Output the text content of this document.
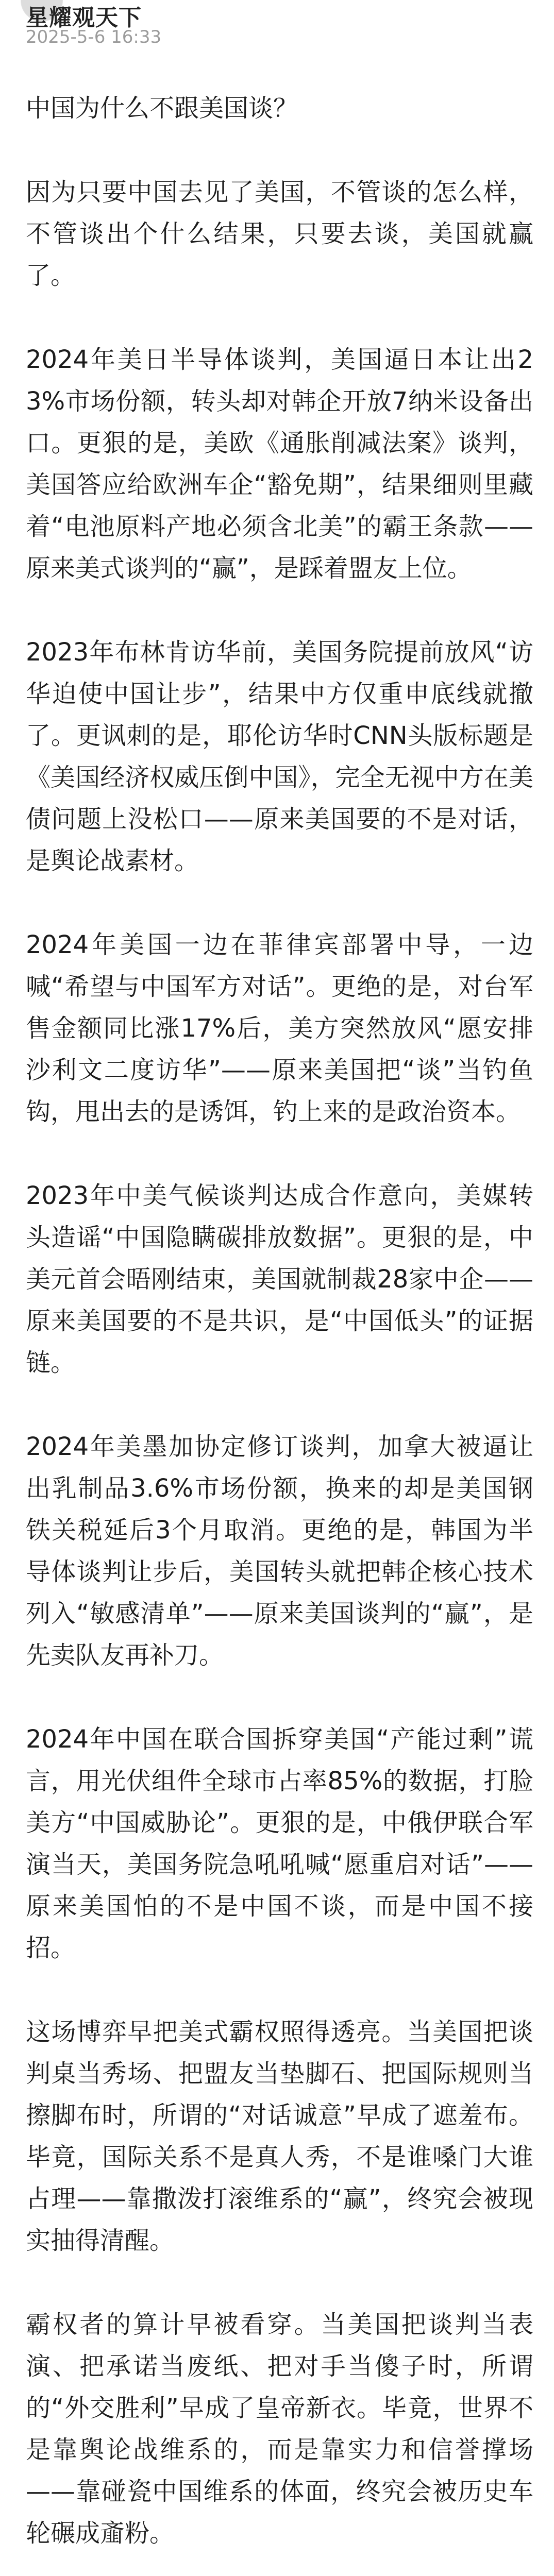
星耀观天下
2025-5-6 16:33

中国为什么不跟美国谈？

因为只要中国去见了美国，不管谈的怎么样，不管谈出个什么结果，只要去谈，美国就赢了。

2024年美日半导体谈判，美国逼日本让出23%市场份额，转头却对韩企开放7纳米设备出口。更狠的是，美欧《通胀削减法案》谈判，美国答应给欧洲车企“豁免期”，结果细则里藏着“电池原料产地必须含北美”的霸王条款——原来美式谈判的“赢”，是踩着盟友上位。

2023年布林肯访华前，美国务院提前放风“访华迫使中国让步”，结果中方仅重申底线就撤了。更讽刺的是，耶伦访华时CNN头版标题是《美国经济权威压倒中国》，完全无视中方在美债问题上没松口——原来美国要的不是对话，是舆论战素材。

2024年美国一边在菲律宾部署中导，一边喊“希望与中国军方对话”。更绝的是，对台军售金额同比涨17%后，美方突然放风“愿安排沙利文二度访华”——原来美国把“谈”当钓鱼钩，甩出去的是诱饵，钓上来的是政治资本。

2023年中美气候谈判达成合作意向，美媒转头造谣“中国隐瞒碳排放数据”。更狠的是，中美元首会晤刚结束，美国就制裁28家中企——原来美国要的不是共识，是“中国低头”的证据链。

2024年美墨加协定修订谈判，加拿大被逼让出乳制品3.6%市场份额，换来的却是美国钢铁关税延后3个月取消。更绝的是，韩国为半导体谈判让步后，美国转头就把韩企核心技术列入“敏感清单”——原来美国谈判的“赢”，是先卖队友再补刀。

2024年中国在联合国拆穿美国“产能过剩”谎言，用光伏组件全球市占率85%的数据，打脸美方“中国威胁论”。更狠的是，中俄伊联合军演当天，美国务院急吼吼喊“愿重启对话”——原来美国怕的不是中国不谈，而是中国不接招。

这场博弈早把美式霸权照得透亮。当美国把谈判桌当秀场、把盟友当垫脚石、把国际规则当擦脚布时，所谓的“对话诚意”早成了遮羞布。毕竟，国际关系不是真人秀，不是谁嗓门大谁占理——靠撒泼打滚维系的“赢”，终究会被现实抽得清醒。

霸权者的算计早被看穿。当美国把谈判当表演、把承诺当废纸、把对手当傻子时，所谓的“外交胜利”早成了皇帝新衣。毕竟，世界不是靠舆论战维系的，而是靠实力和信誉撑场——靠碰瓷中国维系的体面，终究会被历史车轮碾成齑粉。
